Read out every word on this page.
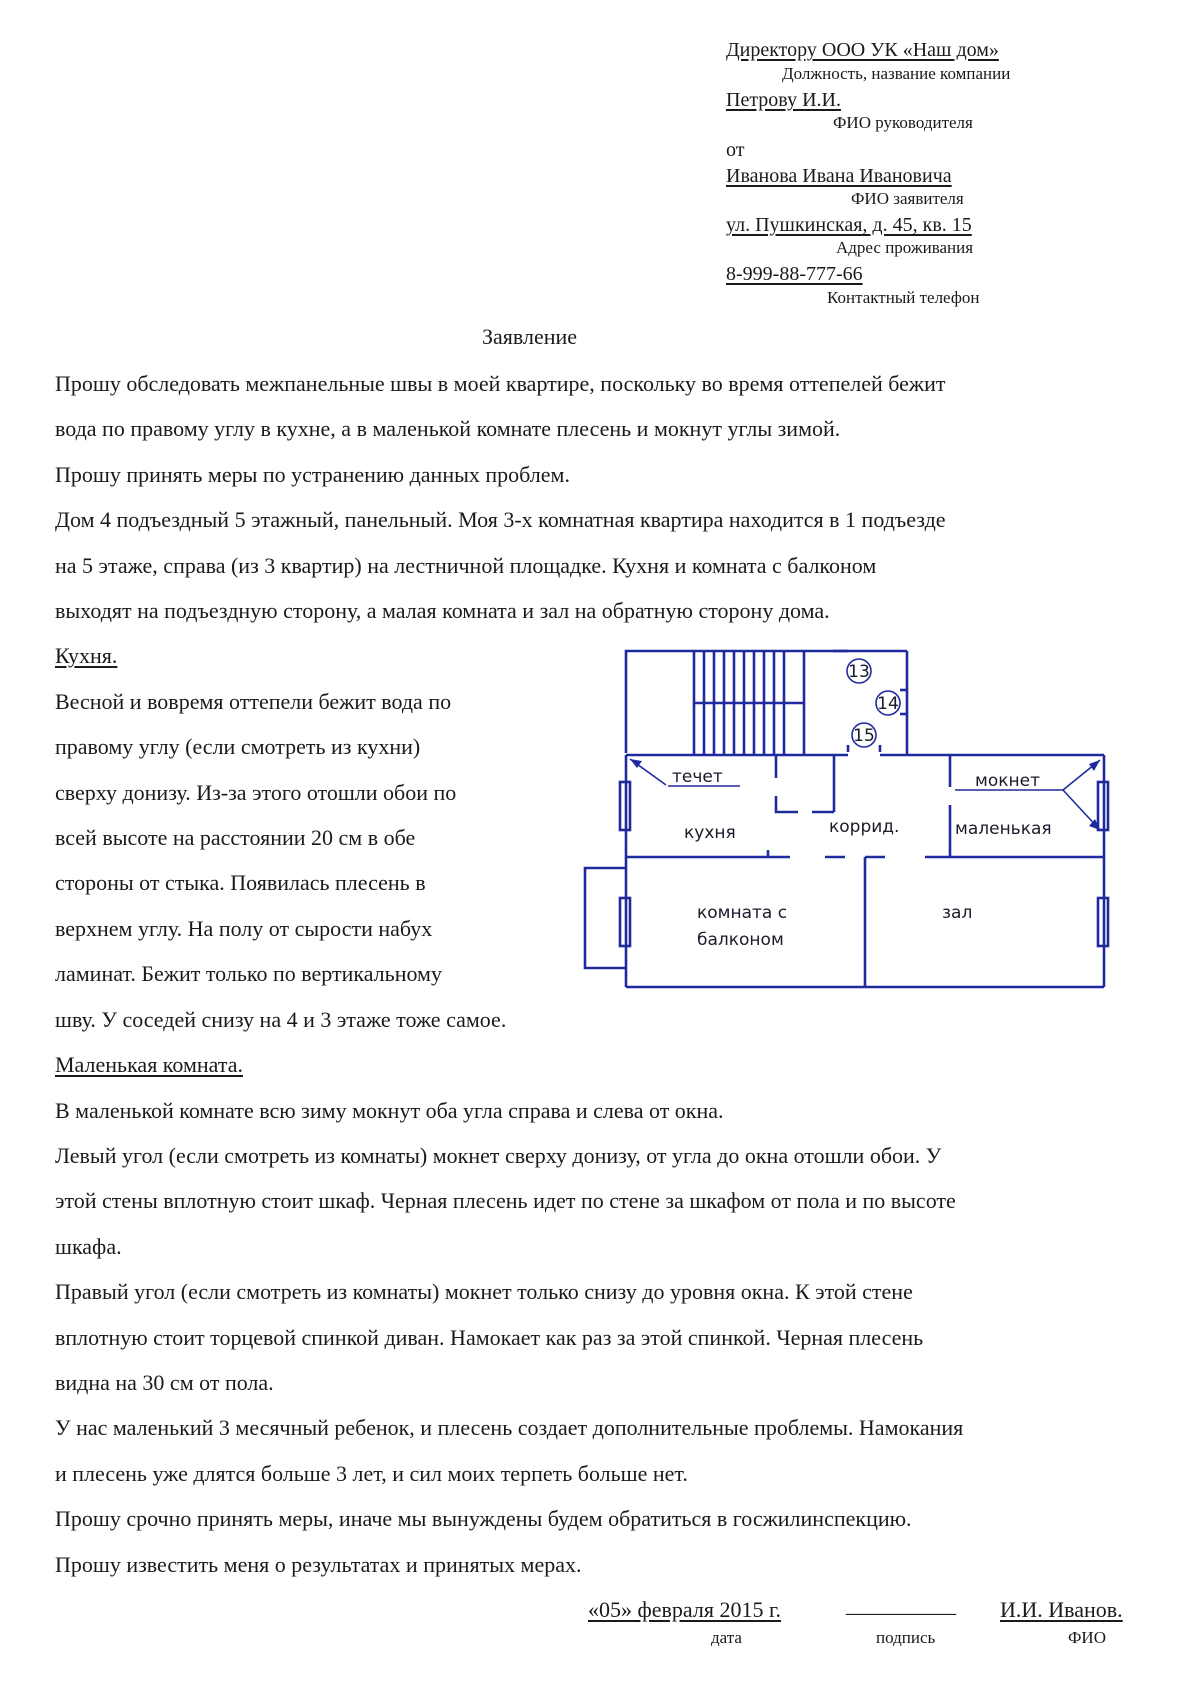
Директору ООО УК «Наш дом»
Должность, название компании
Петрову И.И.
ФИО руководителя
от
Иванова Ивана Ивановича
ФИО заявителя
ул. Пушкинская, д. 45, кв. 15
Адрес проживания
8-999-88-777-66
Контактный телефон
Заявление
Прошу обследовать межпанельные швы в моей квартире, поскольку во время оттепелей бежит
вода по правому углу в кухне, а в маленькой комнате плесень и мокнут углы зимой.
Прошу принять меры по устранению данных проблем.
Дом 4 подъездный 5 этажный, панельный. Моя 3-х комнатная квартира находится в 1 подъезде
на 5 этаже, справа (из 3 квартир) на лестничной площадке. Кухня и комната с балконом
выходят на подъездную сторону, а малая комната и зал на обратную сторону дома.
Кухня.
Весной и вовремя оттепели бежит вода по
правому углу (если смотреть из кухни)
сверху донизу. Из-за этого отошли обои по
всей высоте на расстоянии 20 см в обе
стороны от стыка. Появилась плесень в
верхнем углу. На полу от сырости набух
ламинат. Бежит только по вертикальному
шву. У соседей снизу на 4 и 3 этаже тоже самое.
Маленькая комната.
В маленькой комнате всю зиму мокнут оба угла справа и слева от окна.
Левый угол (если смотреть из комнаты) мокнет сверху донизу, от угла до окна отошли обои. У
этой стены вплотную стоит шкаф. Черная плесень идет по стене за шкафом от пола и по высоте
шкафа.
Правый угол (если смотреть из комнаты) мокнет только снизу до уровня окна. К этой стене
вплотную стоит торцевой спинкой диван. Намокает как раз за этой спинкой. Черная плесень
видна на 30 см от пола.
У нас маленький 3 месячный ребенок, и плесень создает дополнительные проблемы. Намокания
и плесень уже длятся больше 3 лет, и сил моих терпеть больше нет.
Прошу срочно принять меры, иначе мы вынуждены будем обратиться в госжилинспекцию.
Прошу известить меня о результатах и принятых мерах.
13
14
15
течет	мокнет
кухня	коррид.	маленькая
комната с
балконом
зал
«05» февраля 2015 г.
дата
__________
подпись
И.И. Иванов.
ФИО
